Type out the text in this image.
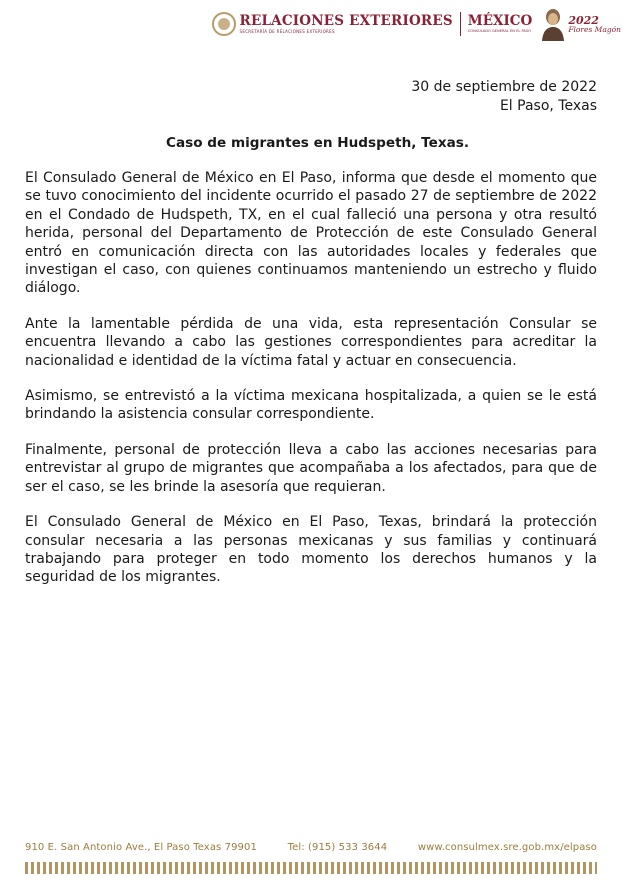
RELACIONES EXTERIORES
SECRETARÍA DE RELACIONES EXTERIORES
MÉXICO
CONSULADO GENERAL EN EL PASO
2022
Flores Magón
30 de septiembre de 2022
El Paso, Texas
Caso de migrantes en Hudspeth, Texas.

El Consulado General de México en El Paso, informa que desde el momento que se tuvo conocimiento del incidente ocurrido el pasado 27 de septiembre de 2022 en el Condado de Hudspeth, TX, en el cual falleció una persona y otra resultó herida, personal del Departamento de Protección de este Consulado General entró en comunicación directa con las autoridades locales y federales que investigan el caso, con quienes continuamos manteniendo un estrecho y fluido diálogo.

Ante la lamentable pérdida de una vida, esta representación Consular se encuentra llevando a cabo las gestiones correspondientes para acreditar la nacionalidad e identidad de la víctima fatal y actuar en consecuencia.

Asimismo, se entrevistó a la víctima mexicana hospitalizada, a quien se le está brindando la asistencia consular correspondiente.

Finalmente, personal de protección lleva a cabo las acciones necesarias para entrevistar al grupo de migrantes que acompañaba a los afectados, para que de ser el caso, se les brinde la asesoría que requieran.

El Consulado General de México en El Paso, Texas, brindará la protección consular necesaria a las personas mexicanas y sus familias y continuará trabajando para proteger en todo momento los derechos humanos y la seguridad de los migrantes.

910 E. San Antonio Ave., El Paso Texas 79901	Tel: (915) 533 3644	www.consulmex.sre.gob.mx/elpaso
